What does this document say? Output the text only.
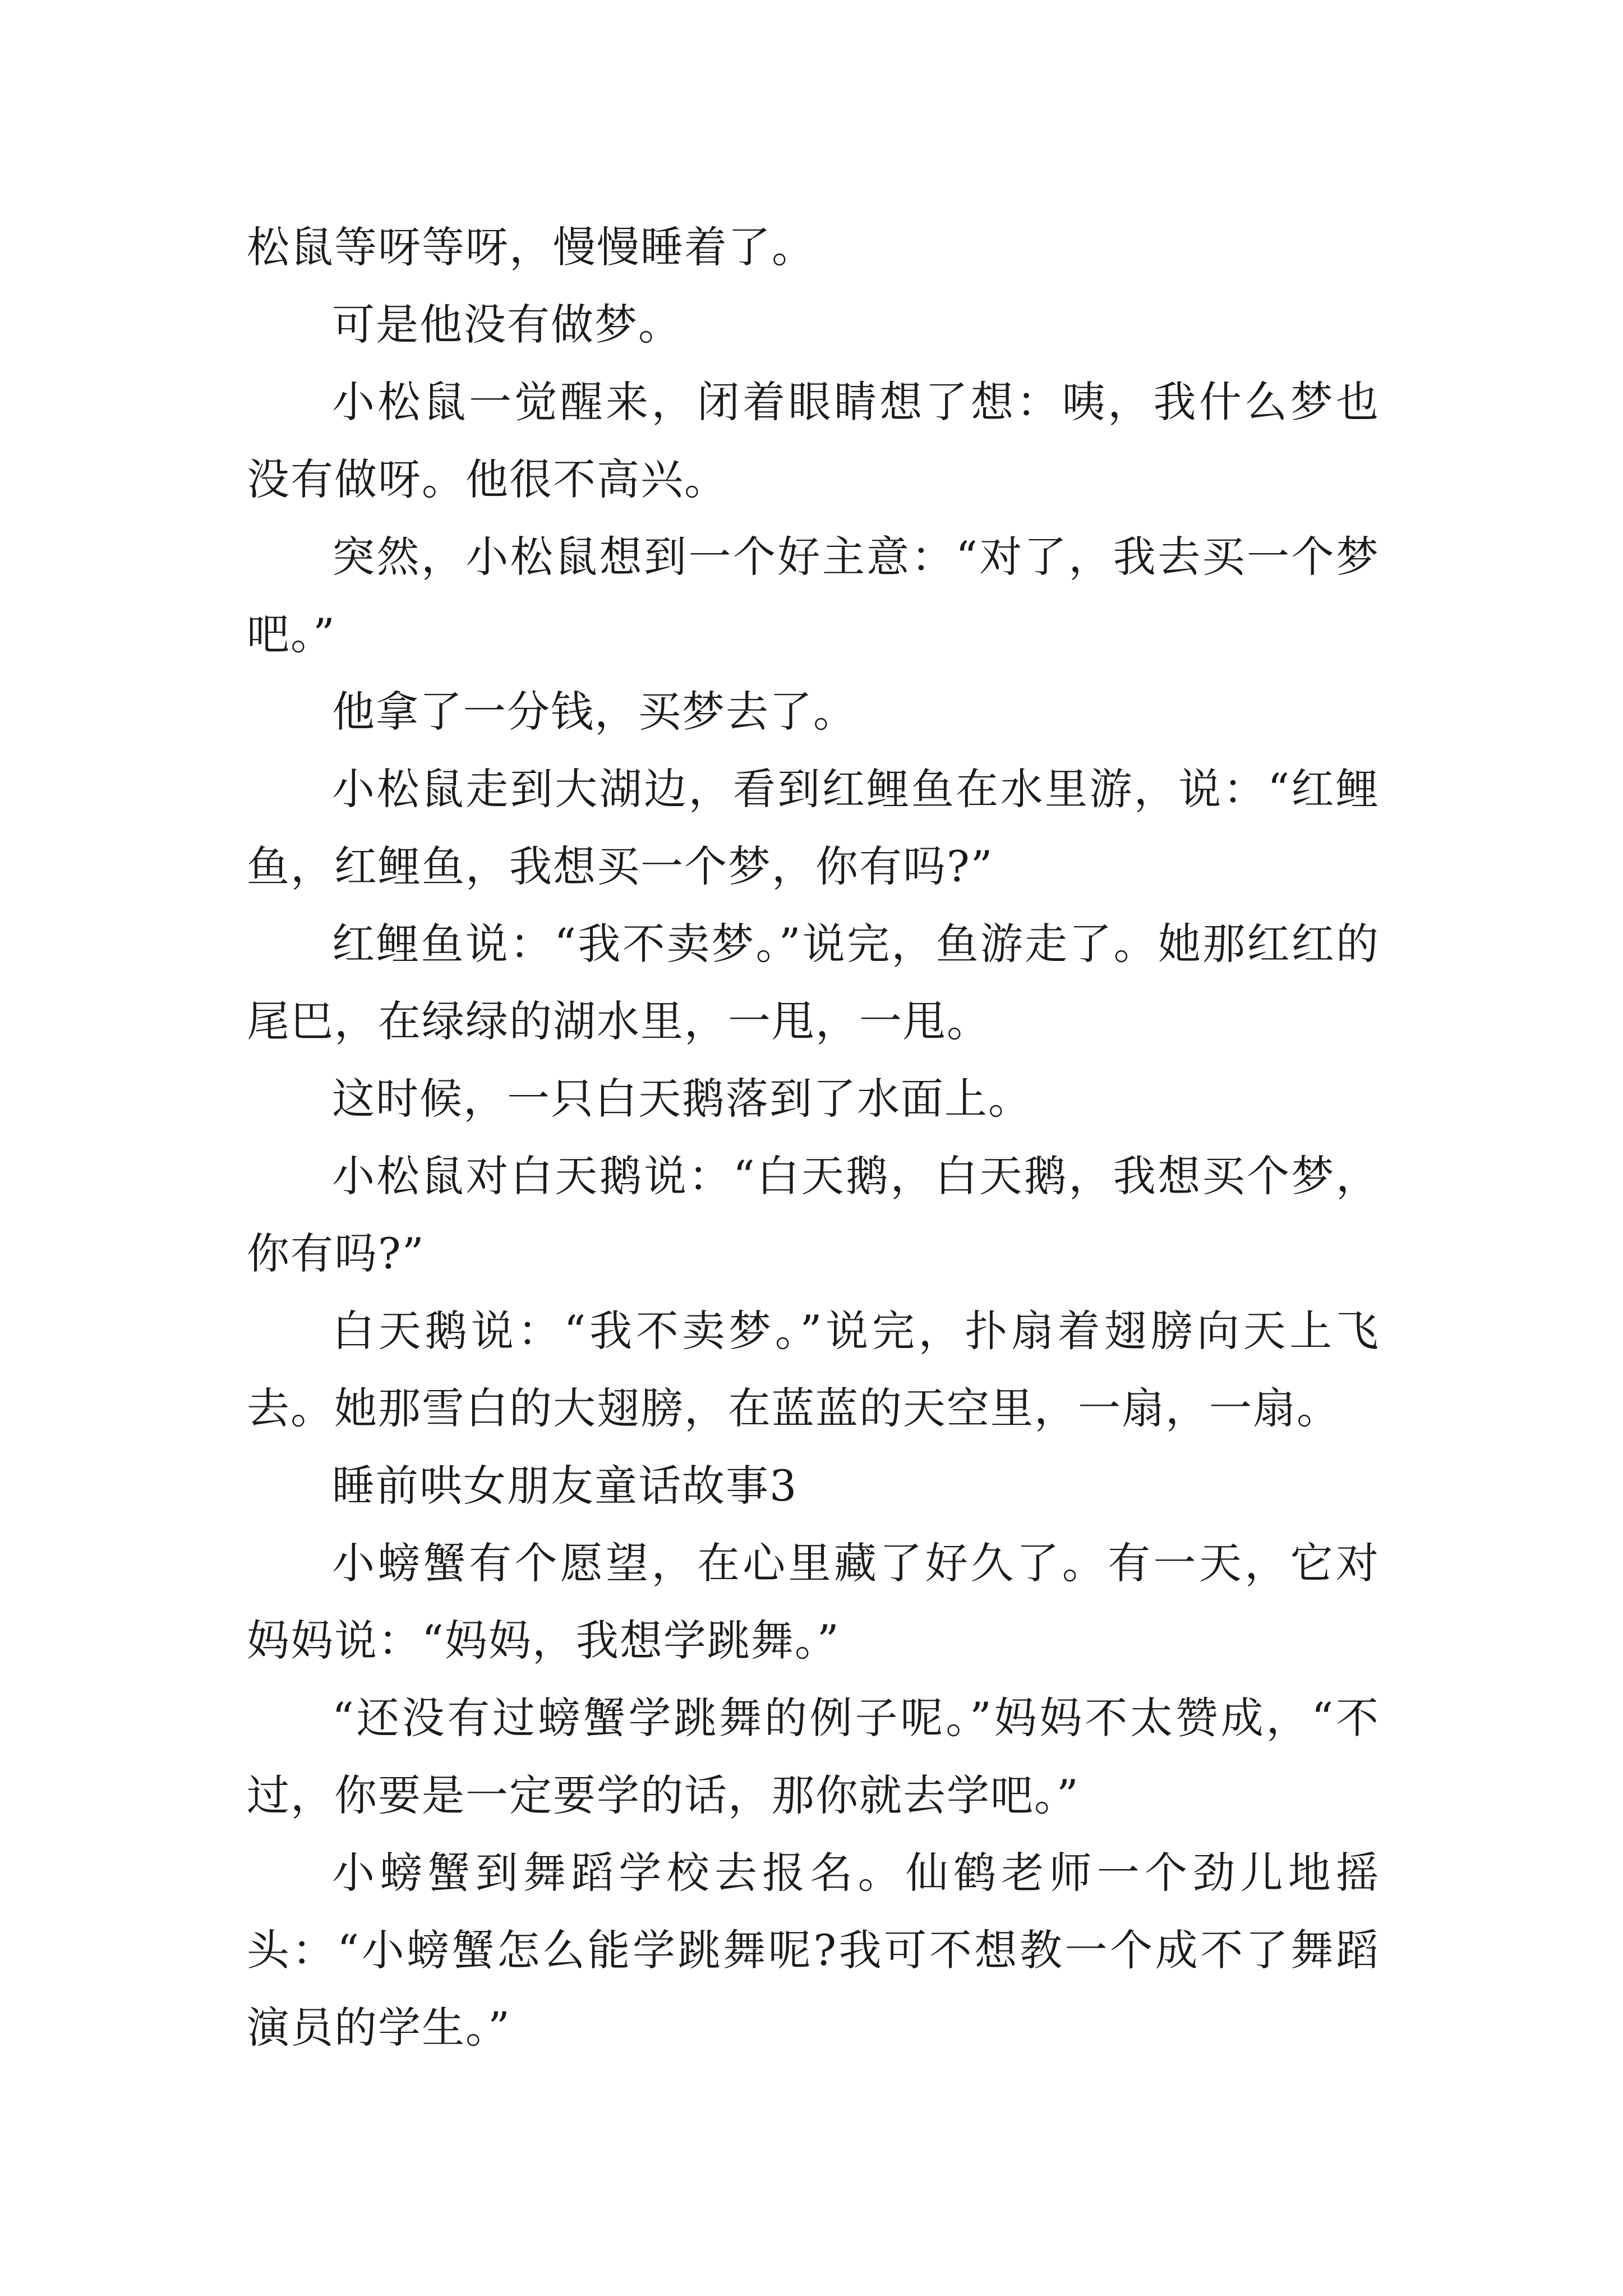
松鼠等呀等呀，慢慢睡着了。

可是他没有做梦。

小松鼠一觉醒来，闭着眼睛想了想：咦，我什么梦也没有做呀。他很不高兴。

突然，小松鼠想到一个好主意：“对了，我去买一个梦吧。”

他拿了一分钱，买梦去了。

小松鼠走到大湖边，看到红鲤鱼在水里游，说：“红鲤鱼，红鲤鱼，我想买一个梦，你有吗?”

红鲤鱼说：“我不卖梦。”说完，鱼游走了。她那红红的尾巴，在绿绿的湖水里，一甩，一甩。

这时候，一只白天鹅落到了水面上。

小松鼠对白天鹅说：“白天鹅，白天鹅，我想买个梦，你有吗?”

白天鹅说：“我不卖梦。”说完，扑扇着翅膀向天上飞去。她那雪白的大翅膀，在蓝蓝的天空里，一扇，一扇。

睡前哄女朋友童话故事3

小螃蟹有个愿望，在心里藏了好久了。有一天，它对妈妈说：“妈妈，我想学跳舞。”

“还没有过螃蟹学跳舞的例子呢。”妈妈不太赞成，“不过，你要是一定要学的话，那你就去学吧。”

小螃蟹到舞蹈学校去报名。仙鹤老师一个劲儿地摇头：“小螃蟹怎么能学跳舞呢?我可不想教一个成不了舞蹈演员的学生。”
